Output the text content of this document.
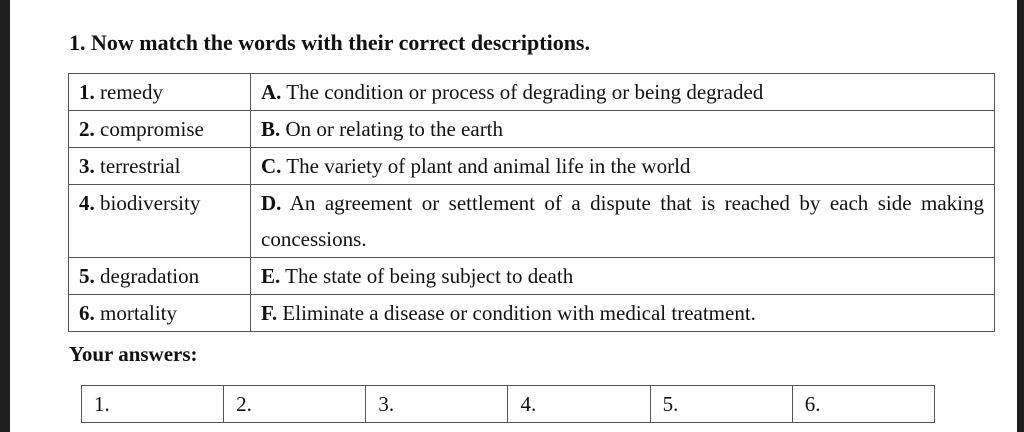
1. Now match the words with their correct descriptions.
1. remedy	A. The condition or process of degrading or being degraded
2. compromise	B. On or relating to the earth
3. terrestrial	C. The variety of plant and animal life in the world
4. biodiversity	D. An agreement or settlement of a dispute that is reached by each side making concessions.
5. degradation	E. The state of being subject to death
6. mortality	F. Eliminate a disease or condition with medical treatment.
Your answers:
1.	2.	3.	4.	5.	6.
